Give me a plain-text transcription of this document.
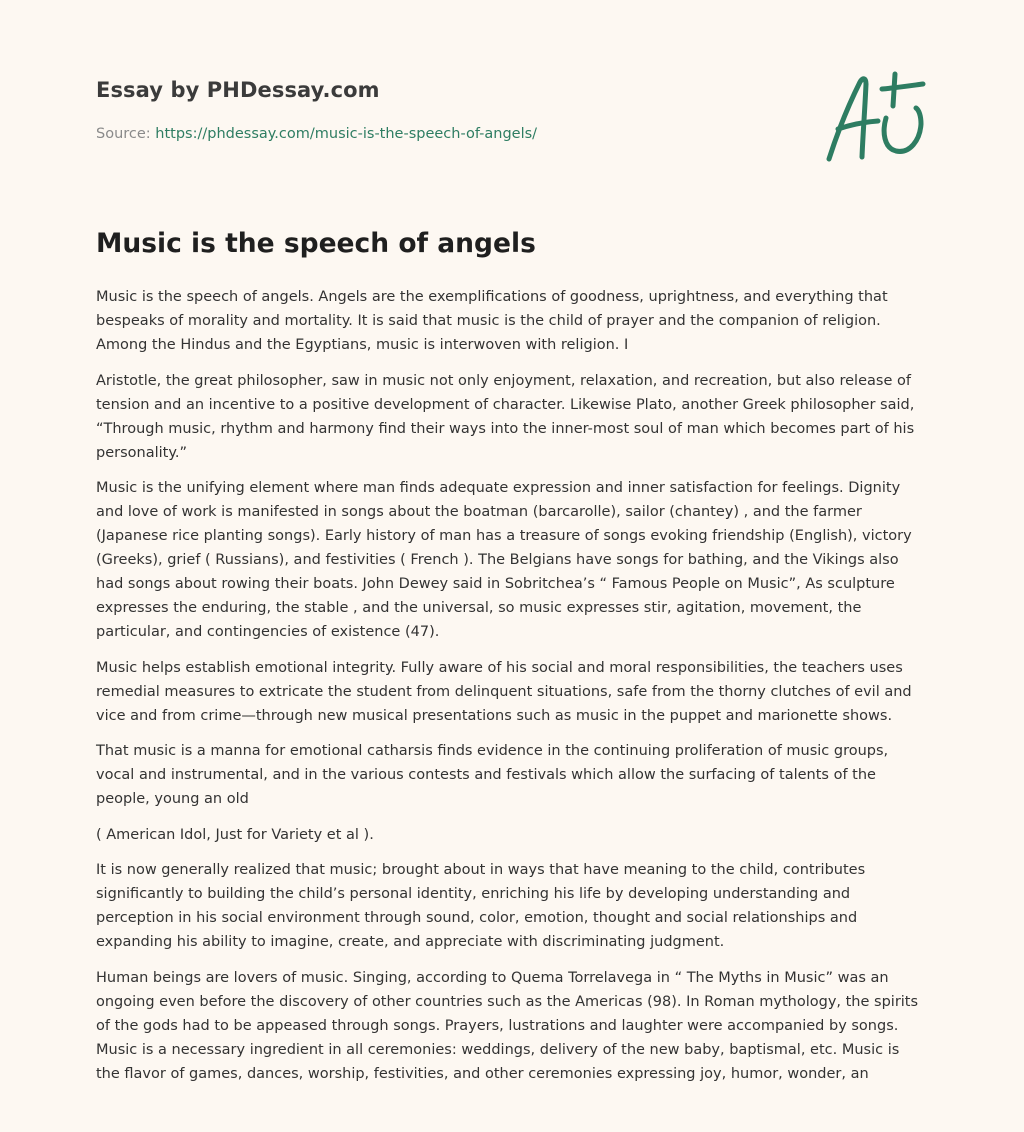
Essay by PHDessay.com
Source: https://phdessay.com/music-is-the-speech-of-angels/
Music is the speech of angels

Music is the speech of angels. Angels are the exemplifications of goodness, uprightness, and everything that
bespeaks of morality and mortality. It is said that music is the child of prayer and the companion of religion.
Among the Hindus and the Egyptians, music is interwoven with religion. I

Aristotle, the great philosopher, saw in music not only enjoyment, relaxation, and recreation, but also release of
tension and an incentive to a positive development of character. Likewise Plato, another Greek philosopher said,
“Through music, rhythm and harmony find their ways into the inner-most soul of man which becomes part of his
personality.”

Music is the unifying element where man finds adequate expression and inner satisfaction for feelings. Dignity
and love of work is manifested in songs about the boatman (barcarolle), sailor (chantey) , and the farmer
(Japanese rice planting songs). Early history of man has a treasure of songs evoking friendship (English), victory
(Greeks), grief ( Russians), and festivities ( French ). The Belgians have songs for bathing, and the Vikings also
had songs about rowing their boats. John Dewey said in Sobritchea’s “ Famous People on Music”, As sculpture
expresses the enduring, the stable , and the universal, so music expresses stir, agitation, movement, the
particular, and contingencies of existence (47).

Music helps establish emotional integrity. Fully aware of his social and moral responsibilities, the teachers uses
remedial measures to extricate the student from delinquent situations, safe from the thorny clutches of evil and
vice and from crime—through new musical presentations such as music in the puppet and marionette shows.

That music is a manna for emotional catharsis finds evidence in the continuing proliferation of music groups,
vocal and instrumental, and in the various contests and festivals which allow the surfacing of talents of the
people, young an old

( American Idol, Just for Variety et al ).

It is now generally realized that music; brought about in ways that have meaning to the child, contributes
significantly to building the child’s personal identity, enriching his life by developing understanding and
perception in his social environment through sound, color, emotion, thought and social relationships and
expanding his ability to imagine, create, and appreciate with discriminating judgment.

Human beings are lovers of music. Singing, according to Quema Torrelavega in “ The Myths in Music” was an
ongoing even before the discovery of other countries such as the Americas (98). In Roman mythology, the spirits
of the gods had to be appeased through songs. Prayers, lustrations and laughter were accompanied by songs.
Music is a necessary ingredient in all ceremonies: weddings, delivery of the new baby, baptismal, etc. Music is
the flavor of games, dances, worship, festivities, and other ceremonies expressing joy, humor, wonder, an
